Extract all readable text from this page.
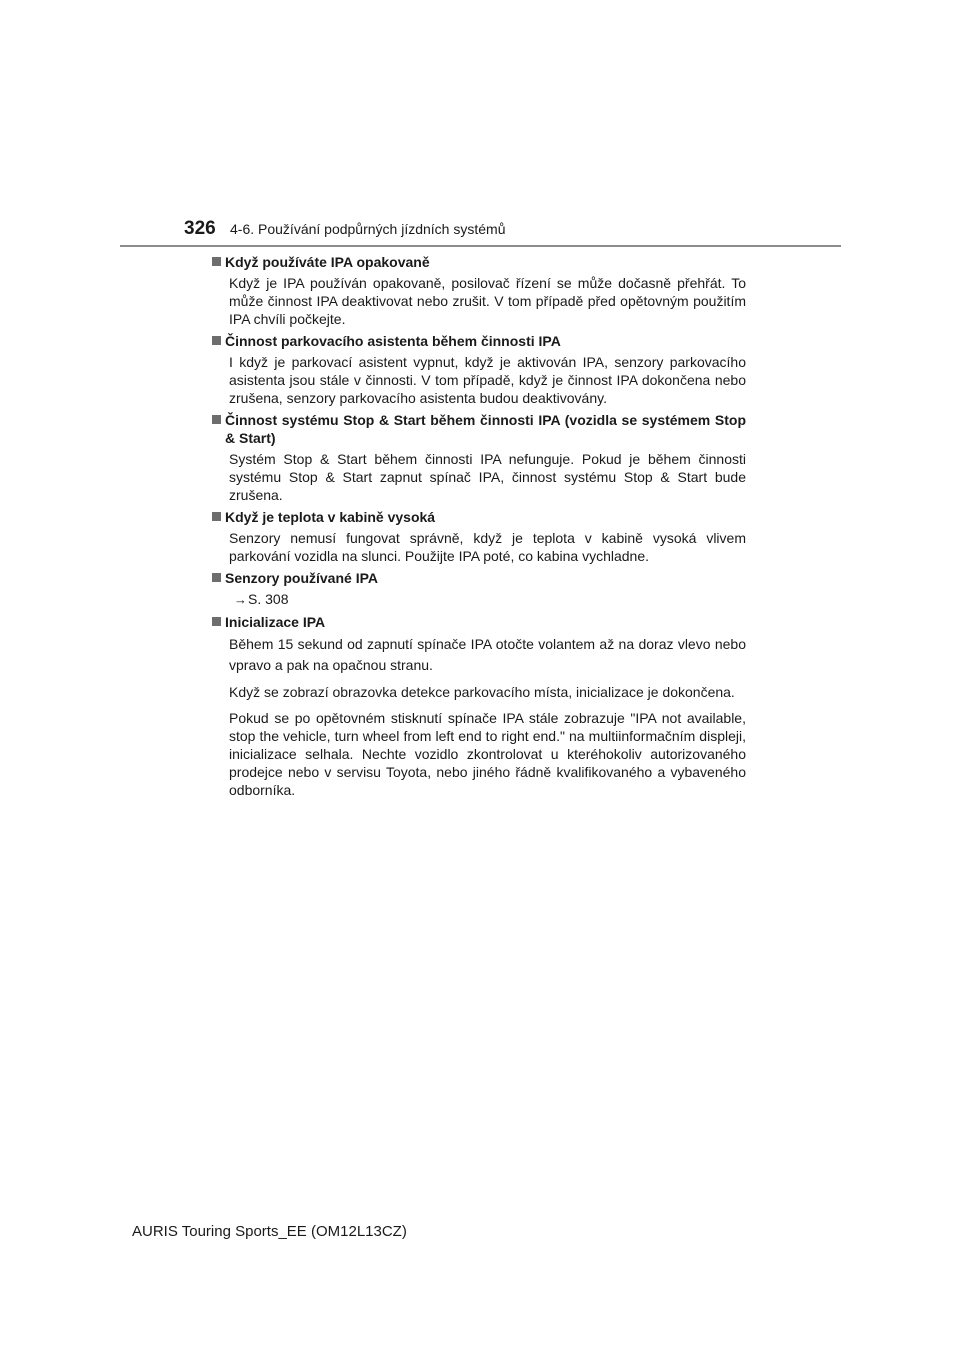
326 4-6. Používání podpůrných jízdních systémů
Když používáte IPA opakovaně

Když je IPA používán opakovaně, posilovač řízení se může dočasně přehřát. To může činnost IPA deaktivovat nebo zrušit. V tom případě před opětovným použitím IPA chvíli počkejte.

Činnost parkovacího asistenta během činnosti IPA

I když je parkovací asistent vypnut, když je aktivován IPA, senzory parkovacího asistenta jsou stále v činnosti. V tom případě, když je činnost IPA dokončena nebo zrušena, senzory parkovacího asistenta budou deaktivovány.

Činnost systému Stop & Start během činnosti IPA (vozidla se systémem Stop & Start)

Systém Stop & Start během činnosti IPA nefunguje. Pokud je během činnosti systému Stop & Start zapnut spínač IPA, činnost systému Stop & Start bude zrušena.

Když je teplota v kabině vysoká

Senzory nemusí fungovat správně, když je teplota v kabině vysoká vlivem parkování vozidla na slunci. Použijte IPA poté, co kabina vychladne.

Senzory používané IPA

→S. 308

Inicializace IPA

Během 15 sekund od zapnutí spínače IPA otočte volantem až na doraz vlevo nebo vpravo a pak na opačnou stranu.

Když se zobrazí obrazovka detekce parkovacího místa, inicializace je dokončena.

Pokud se po opětovném stisknutí spínače IPA stále zobrazuje "IPA not available, stop the vehicle, turn wheel from left end to right end." na multiinformačním displeji, inicializace selhala. Nechte vozidlo zkontrolovat u kteréhokoliv autorizovaného prodejce nebo v servisu Toyota, nebo jiného řádně kvalifikovaného a vybaveného odborníka.

AURIS Touring Sports_EE (OM12L13CZ)
